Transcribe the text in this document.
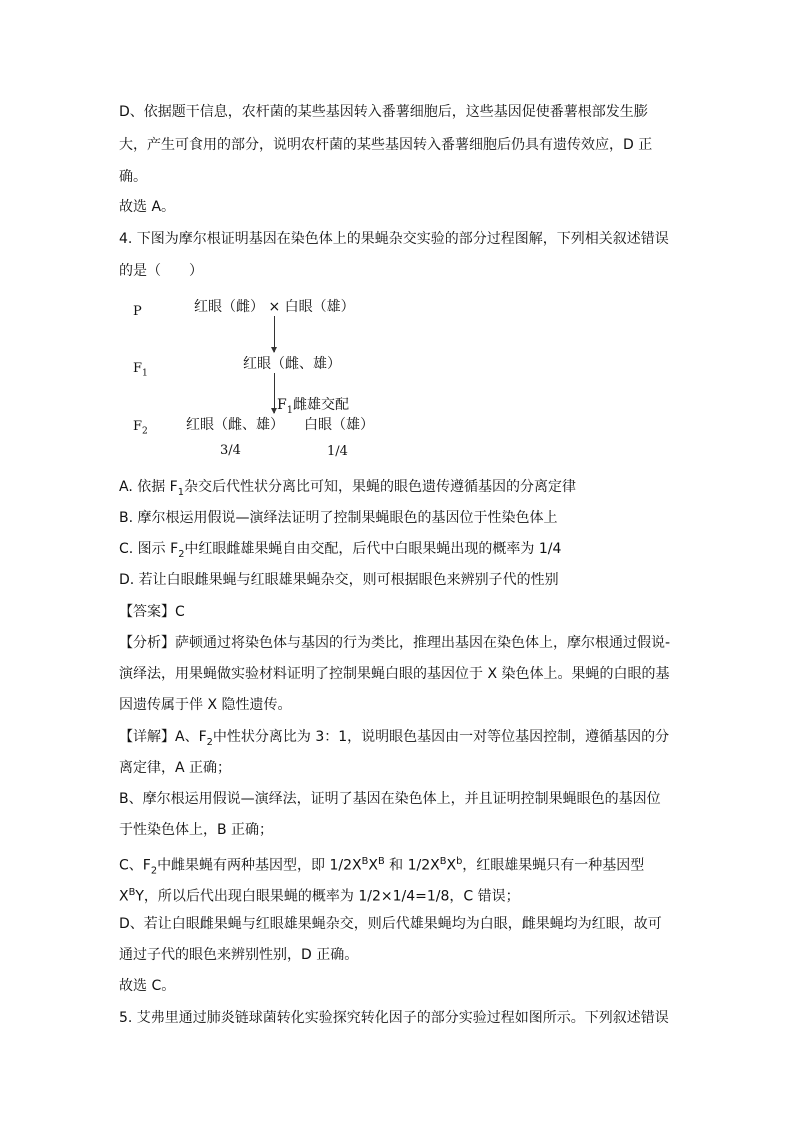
D、依据题干信息，农杆菌的某些基因转入番薯细胞后，这些基因促使番薯根部发生膨
大，产生可食用的部分，说明农杆菌的某些基因转入番薯细胞后仍具有遗传效应，D 正
确。
故选 A。
4. 下图为摩尔根证明基因在染色体上的果蝇杂交实验的部分过程图解，下列相关叙述错误
的是（　　）
P	红眼（雌） × 白眼（雄）
$F_1$
红眼（雌、雄）
$F_1$雌雄交配
$F_2$	红眼（雌、雄） 白眼（雄）
3/4	1/4
A. 依据 $F_1$杂交后代性状分离比可知，果蝇的眼色遗传遵循基因的分离定律
B. 摩尔根运用假说—演绎法证明了控制果蝇眼色的基因位于性染色体上
C. 图示 $F_2$中红眼雌雄果蝇自由交配，后代中白眼果蝇出现的概率为 1/4
D. 若让白眼雌果蝇与红眼雄果蝇杂交，则可根据眼色来辨别子代的性别
【答案】C
【分析】萨顿通过将染色体与基因的行为类比，推理出基因在染色体上，摩尔根通过假说-
演绎法，用果蝇做实验材料证明了控制果蝇白眼的基因位于 X 染色体上。果蝇的白眼的基
因遗传属于伴 X 隐性遗传。
【详解】A、$F_2$中性状分离比为 3：1，说明眼色基因由一对等位基因控制，遵循基因的分
离定律，A 正确；
B、摩尔根运用假说—演绎法，证明了基因在染色体上，并且证明控制果蝇眼色的基因位
于性染色体上，B 正确；
C、$F_2$中雌果蝇有两种基因型，即 $1/2X^BX^B$ 和 $1/2X^BX^b$，红眼雄果蝇只有一种基因型
$X^BY$，所以后代出现白眼果蝇的概率为 1/2×1/4=1/8，C 错误；
D、若让白眼雌果蝇与红眼雄果蝇杂交，则后代雄果蝇均为白眼，雌果蝇均为红眼，故可
通过子代的眼色来辨别性别，D 正确。
故选 C。
5. 艾弗里通过肺炎链球菌转化实验探究转化因子的部分实验过程如图所示。下列叙述错误
